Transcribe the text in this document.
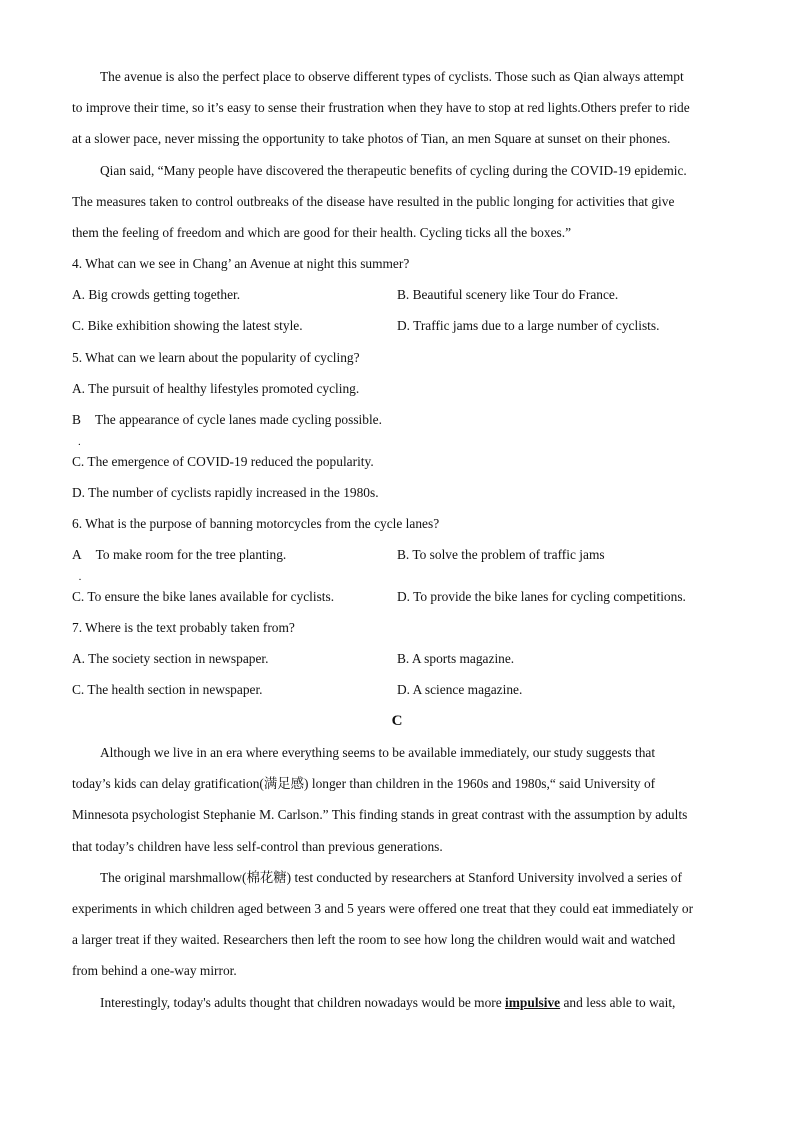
The avenue is also the perfect place to observe different types of cyclists. Those such as Qian always attempt
to improve their time, so it’s easy to sense their frustration when they have to stop at red lights.Others prefer to ride
at a slower pace, never missing the opportunity to take photos of Tian, an men Square at sunset on their phones.
Qian said, “Many people have discovered the therapeutic benefits of cycling during the COVID-19 epidemic.
The measures taken to control outbreaks of the disease have resulted in the public longing for activities that give
them the feeling of freedom and which are good for their health. Cycling ticks all the boxes.”
4. What can we see in Chang’ an Avenue at night this summer?
A. Big crowds getting together.	B. Beautiful scenery like Tour do France.
C. Bike exhibition showing the latest style.	D. Traffic jams due to a large number of cyclists.
5. What can we learn about the popularity of cycling?
A. The pursuit of healthy lifestyles promoted cycling.
B
.
The appearance of cycle lanes made cycling possible.
C. The emergence of COVID-19 reduced the popularity.
D. The number of cyclists rapidly increased in the 1980s.
6. What is the purpose of banning motorcycles from the cycle lanes?
A
.
To make room for the tree planting.	B. To solve the problem of traffic jams
C. To ensure the bike lanes available for cyclists.	D. To provide the bike lanes for cycling competitions.
7. Where is the text probably taken from?
A. The society section in newspaper.	B. A sports magazine.
C. The health section in newspaper.	D. A science magazine.
C
Although we live in an era where everything seems to be available immediately, our study suggests that
today’s kids can delay gratification(满足感) longer than children in the 1960s and 1980s,“ said University of
Minnesota psychologist Stephanie M. Carlson.” This finding stands in great contrast with the assumption by adults
that today’s children have less self-control than previous generations.
The original marshmallow(棉花糖) test conducted by researchers at Stanford University involved a series of
experiments in which children aged between 3 and 5 years were offered one treat that they could eat immediately or
a larger treat if they waited. Researchers then left the room to see how long the children would wait and watched
from behind a one-way mirror.
Interestingly, today's adults thought that children nowadays would be more impulsive and less able to wait,
